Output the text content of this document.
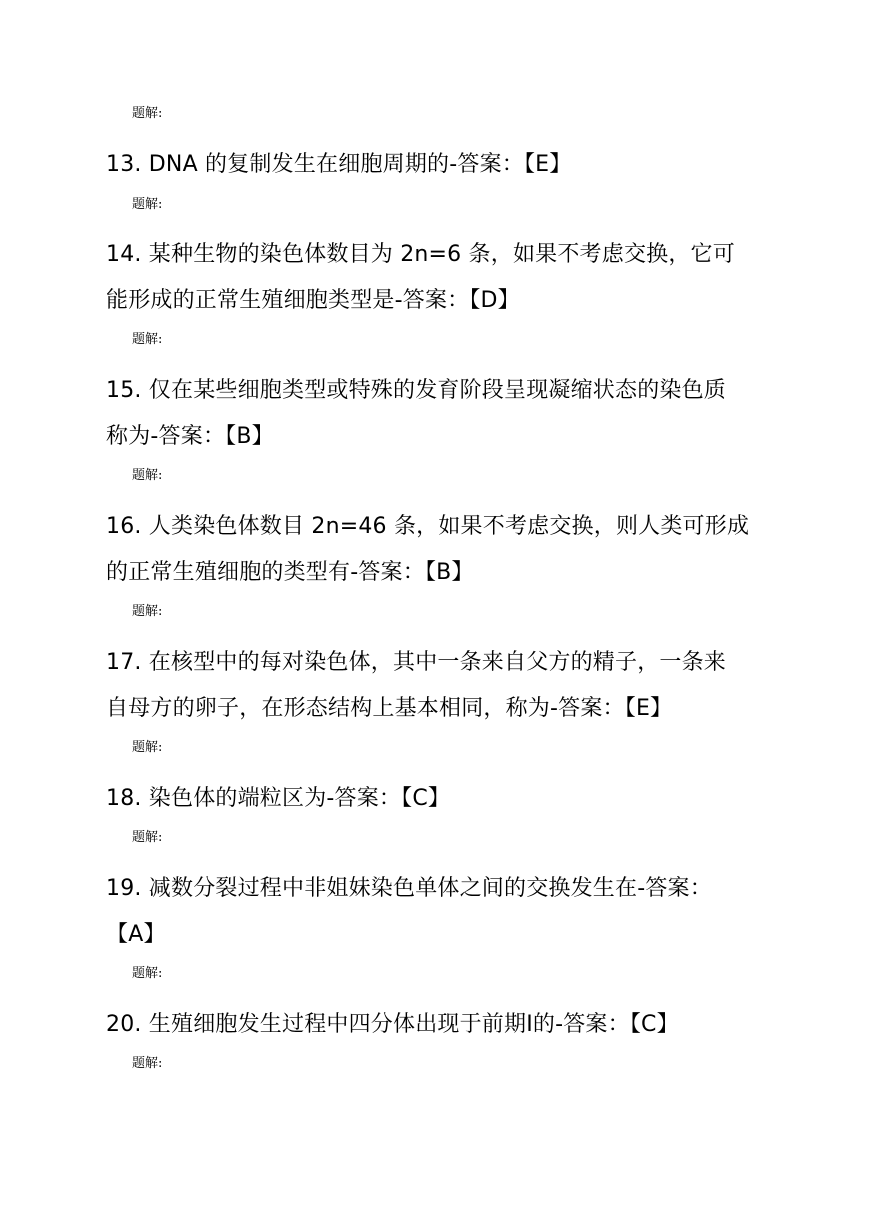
题解:
13. DNA 的复制发生在细胞周期的-答案：【E】
题解:
14. 某种生物的染色体数目为 2n=6 条，如果不考虑交换，它可
能形成的正常生殖细胞类型是-答案：【D】
题解:
15. 仅在某些细胞类型或特殊的发育阶段呈现凝缩状态的染色质
称为-答案：【B】
题解:
16. 人类染色体数目 2n=46 条，如果不考虑交换，则人类可形成
的正常生殖细胞的类型有-答案：【B】
题解:
17. 在核型中的每对染色体，其中一条来自父方的精子，一条来
自母方的卵子，在形态结构上基本相同，称为-答案：【E】
题解:
18. 染色体的端粒区为-答案：【C】
题解:
19. 减数分裂过程中非姐妹染色单体之间的交换发生在-答案：
【A】
题解:
20. 生殖细胞发生过程中四分体出现于前期Ⅰ的-答案：【C】
题解:
